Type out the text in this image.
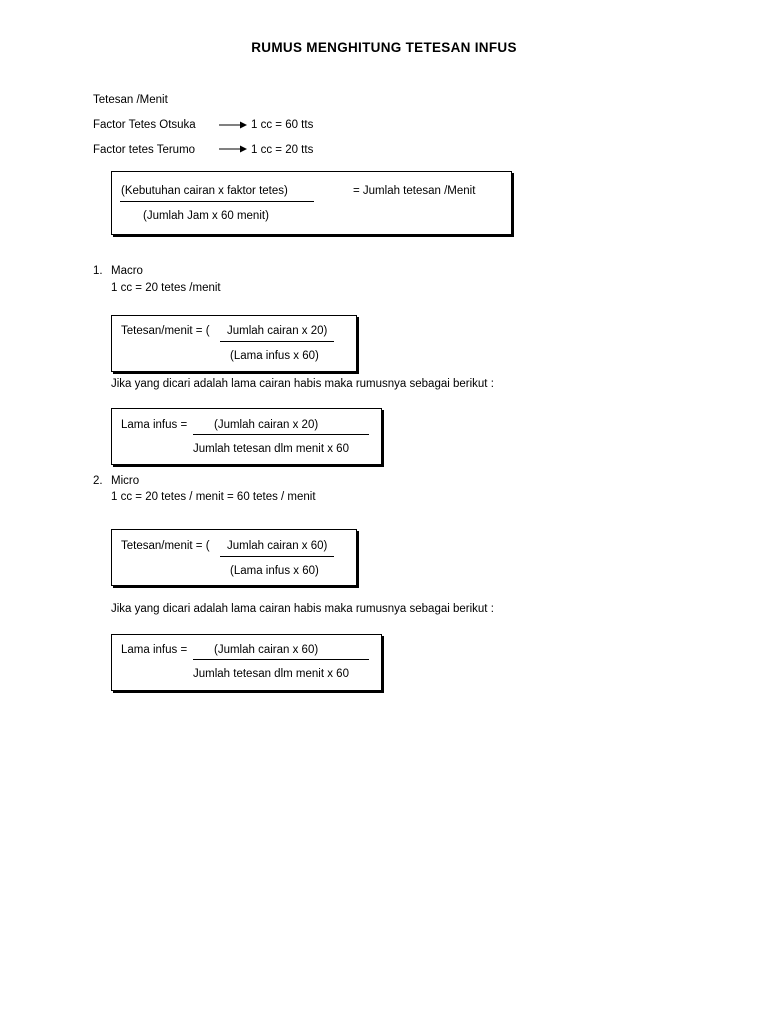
RUMUS MENGHITUNG TETESAN INFUS
Tetesan /Menit
Factor Tetes Otsuka	1 cc = 60 tts
Factor tetes Terumo	1 cc = 20 tts
(Kebutuhan cairan x faktor tetes)	= Jumlah tetesan /Menit
(Jumlah Jam x 60 menit)
1. Macro
1 cc = 20 tetes /menit
Tetesan/menit = ( Jumlah cairan x 20)
(Lama infus x 60)
Jika yang dicari adalah lama cairan habis maka rumusnya sebagai berikut :
Lama infus = (Jumlah cairan x 20)
Jumlah tetesan dlm menit x 60
2. Micro
1 cc = 20 tetes / menit = 60 tetes / menit
Tetesan/menit = ( Jumlah cairan x 60)
(Lama infus x 60)
Jika yang dicari adalah lama cairan habis maka rumusnya sebagai berikut :
Lama infus = (Jumlah cairan x 60)
Jumlah tetesan dlm menit x 60
